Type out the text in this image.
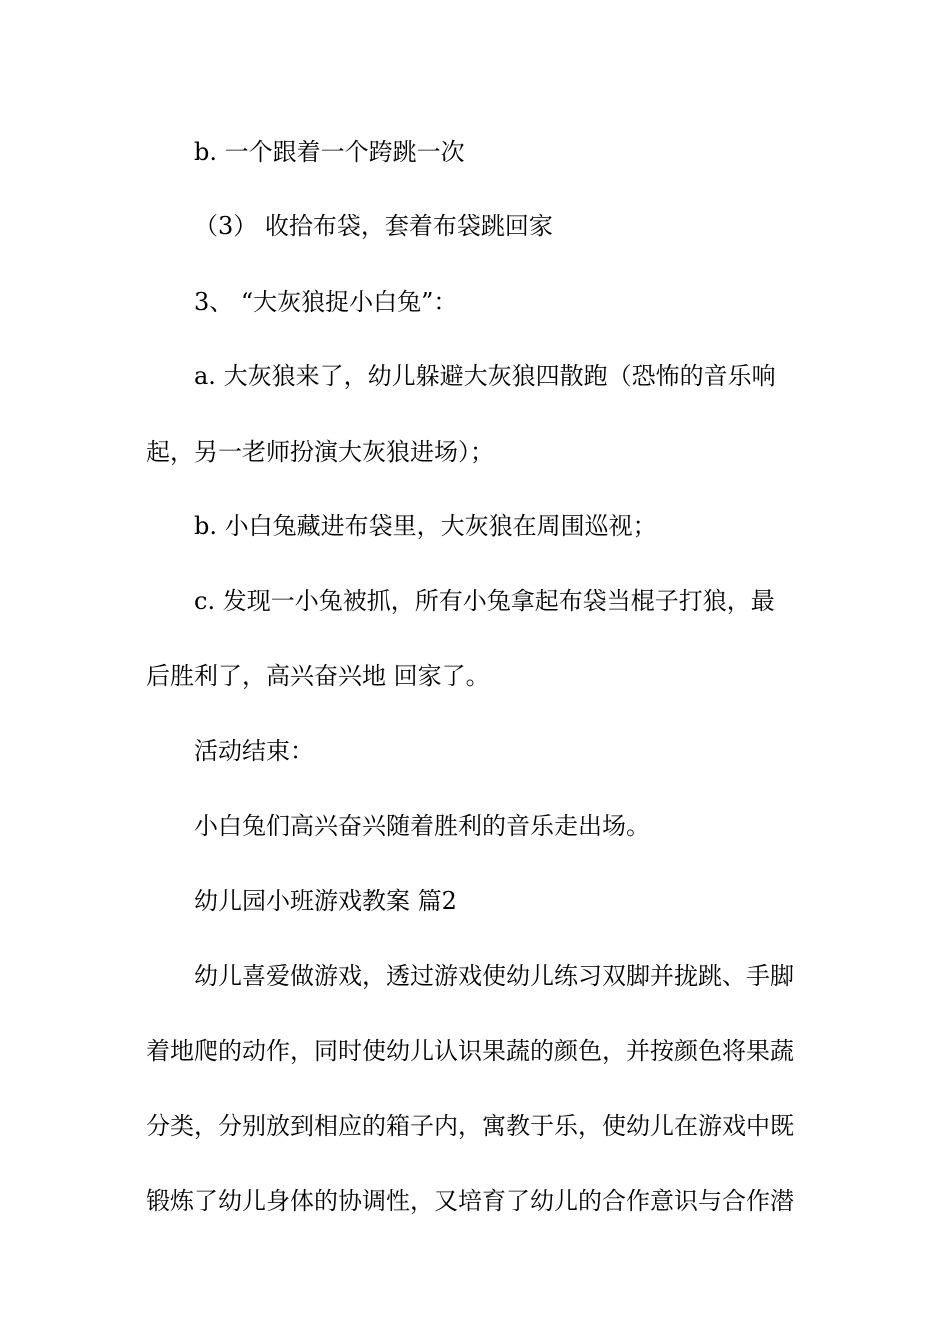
b. 一个跟着一个跨跳一次
（3） 收拾布袋，套着布袋跳回家
3、 “大灰狼捉小白兔”：
a. 大灰狼来了，幼儿躲避大灰狼四散跑（恐怖的音乐响
起，另一老师扮演大灰狼进场）；
b. 小白兔藏进布袋里，大灰狼在周围巡视；
c. 发现一小兔被抓，所有小兔拿起布袋当棍子打狼，最
后胜利了，高兴奋兴地 回家了。
活动结束：
小白兔们高兴奋兴随着胜利的音乐走出场。
幼儿园小班游戏教案 篇2
幼儿喜爱做游戏，透过游戏使幼儿练习双脚并拢跳、手脚
着地爬的动作，同时使幼儿认识果蔬的颜色，并按颜色将果蔬
分类，分别放到相应的箱子内，寓教于乐，使幼儿在游戏中既
锻炼了幼儿身体的协调性，又培育了幼儿的合作意识与合作潜
